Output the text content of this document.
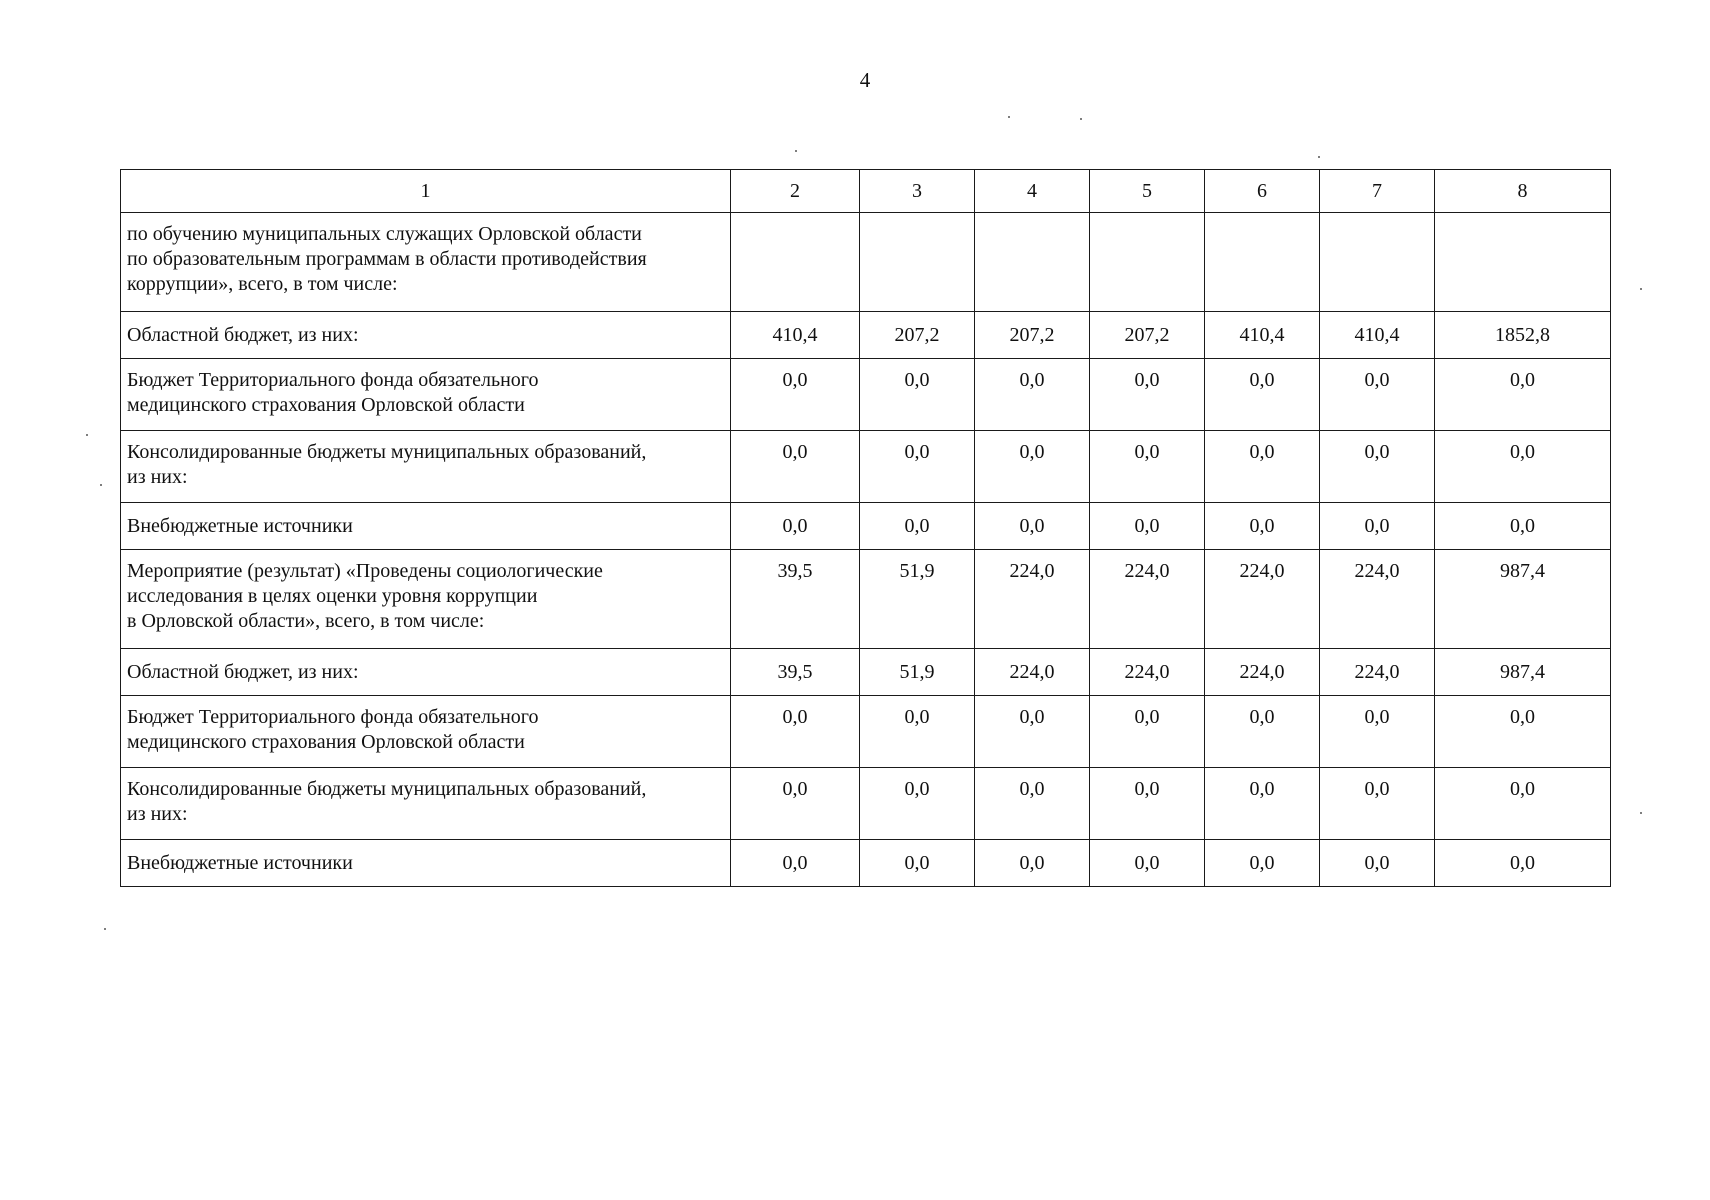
4
1	2	3	4	5	6	7	8
по обучению муниципальных служащих Орловской области
по образовательным программам в области противодействия
коррупции», всего, в том числе:							
Областной бюджет, из них:	410,4	207,2	207,2	207,2	410,4	410,4	1852,8
Бюджет Территориального фонда обязательного
медицинского страхования Орловской области	0,0	0,0	0,0	0,0	0,0	0,0	0,0
Консолидированные бюджеты муниципальных образований,
из них:	0,0	0,0	0,0	0,0	0,0	0,0	0,0
Внебюджетные источники	0,0	0,0	0,0	0,0	0,0	0,0	0,0
Мероприятие (результат) «Проведены социологические
исследования в целях оценки уровня коррупции
в Орловской области», всего, в том числе:	39,5	51,9	224,0	224,0	224,0	224,0	987,4
Областной бюджет, из них:	39,5	51,9	224,0	224,0	224,0	224,0	987,4
Бюджет Территориального фонда обязательного
медицинского страхования Орловской области	0,0	0,0	0,0	0,0	0,0	0,0	0,0
Консолидированные бюджеты муниципальных образований,
из них:	0,0	0,0	0,0	0,0	0,0	0,0	0,0
Внебюджетные источники	0,0	0,0	0,0	0,0	0,0	0,0	0,0
